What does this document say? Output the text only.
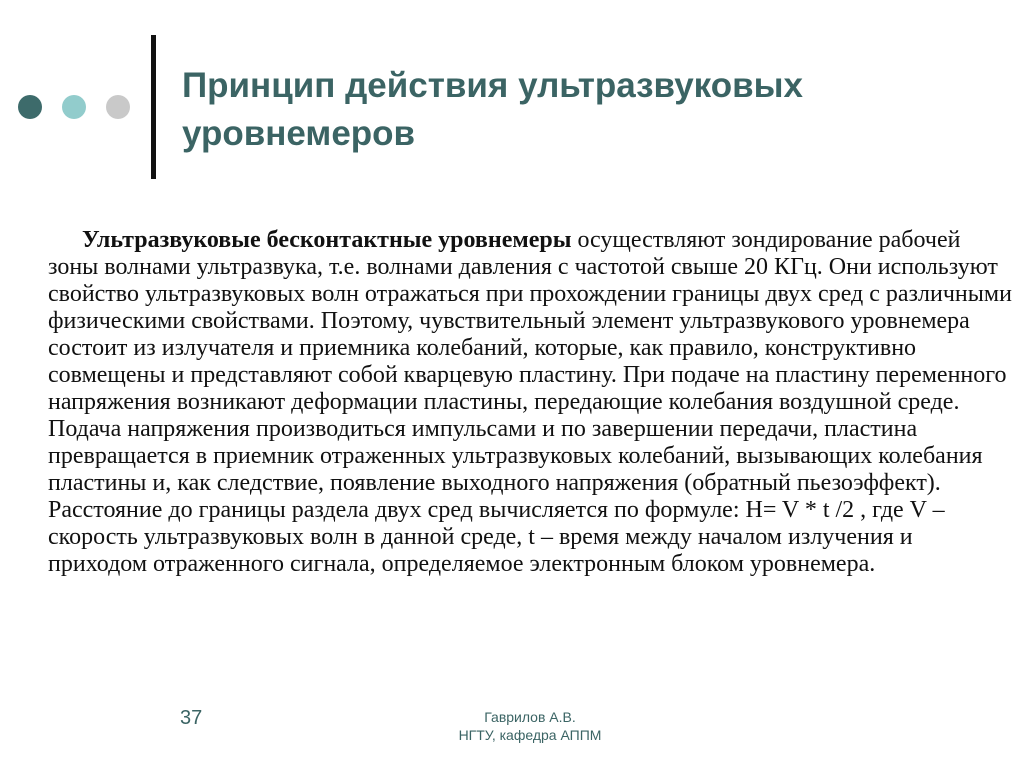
Принцип действия ультразвуковых уровнемеров

Ультразвуковые бесконтактные уровнемеры осуществляют зондирование рабочей зоны волнами ультразвука, т.е. волнами давления с частотой свыше 20 КГц. Они используют свойство ультразвуковых волн отражаться при прохождении границы двух сред с различными физическими свойствами. Поэтому, чувствительный элемент ультразвукового уровнемера состоит из излучателя и приемника колебаний, которые, как правило, конструктивно совмещены и представляют собой кварцевую пластину. При подаче на пластину переменного напряжения возникают деформации пластины, передающие колебания воздушной среде. Подача напряжения производиться импульсами и по завершении передачи, пластина превращается в приемник отраженных ультразвуковых колебаний, вызывающих колебания пластины и, как следствие, появление выходного напряжения (обратный пьезоэффект). Расстояние до границы раздела двух сред вычисляется по формуле: H= V * t /2 , где V – скорость ультразвуковых волн в данной среде, t – время между началом излучения и приходом отраженного сигнала, определяемое электронным блоком уровнемера.

37	Гаврилов А.В.
НГТУ, кафедра АППМ
